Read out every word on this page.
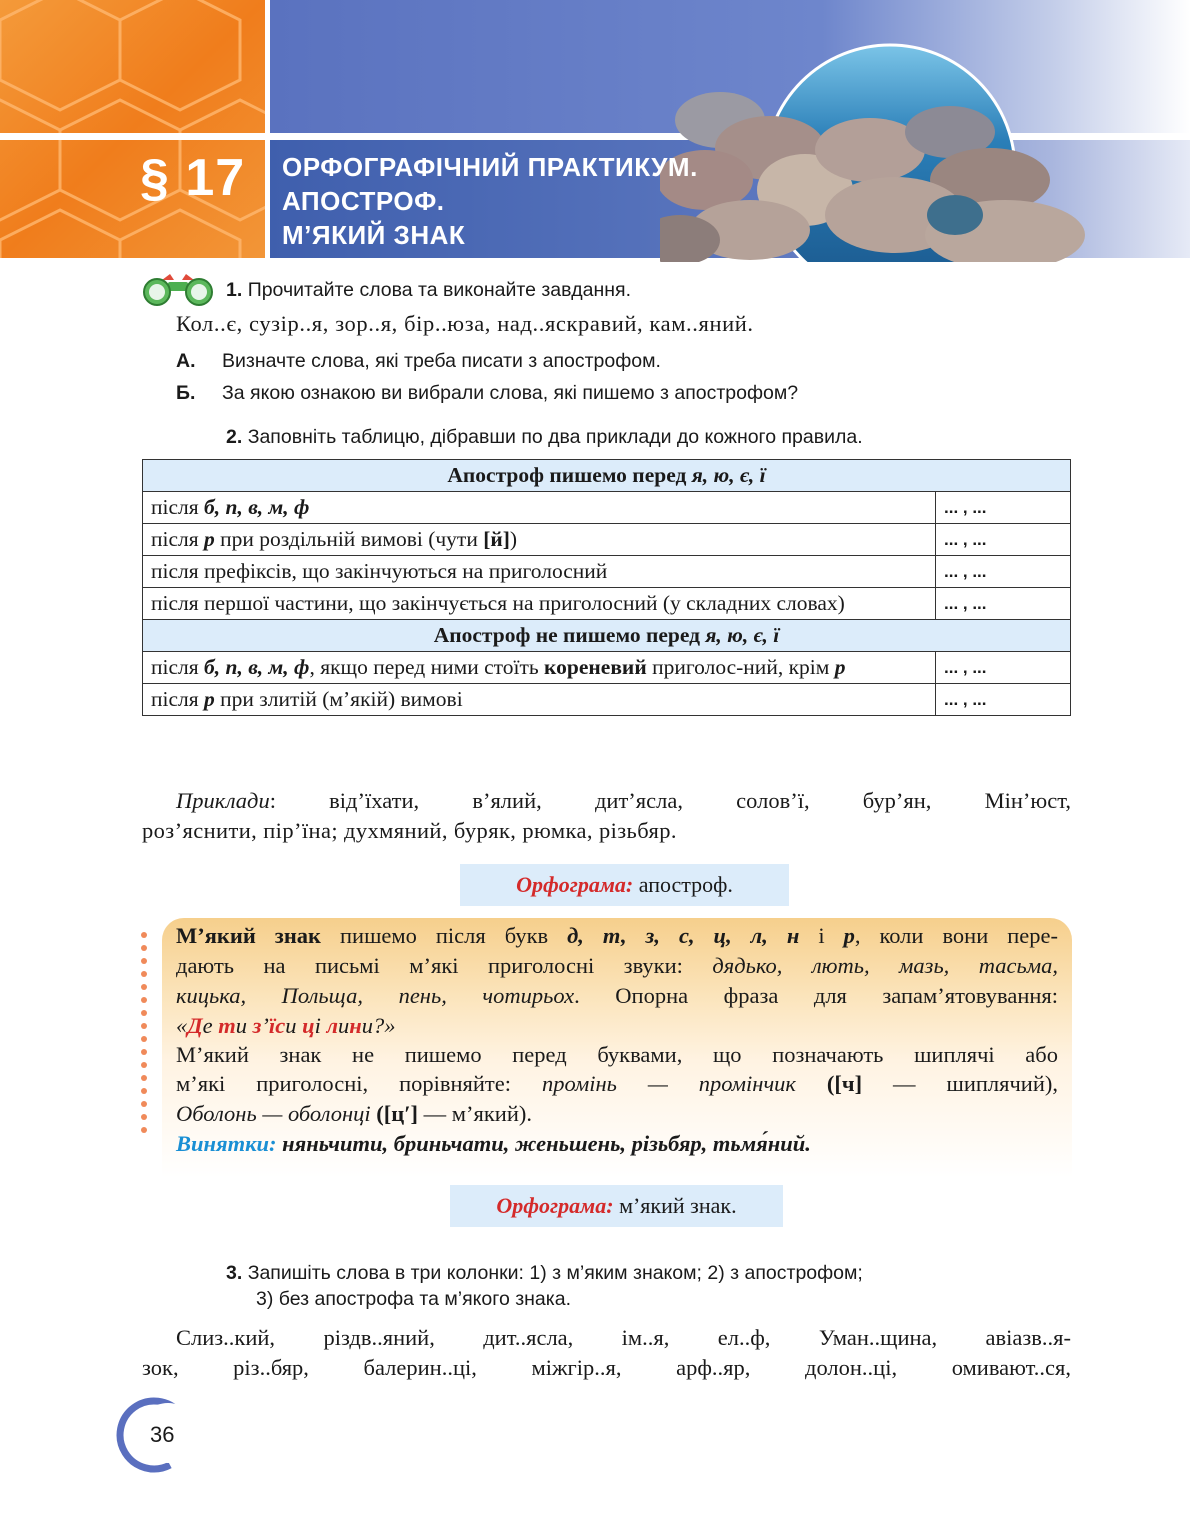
§ 17 ОРФОГРАФІЧНИЙ ПРАКТИКУМ.
АПОСТРОФ.
М’ЯКИЙ ЗНАК
1. Прочитайте слова та виконайте завдання.
Кол..є, сузір..я, зор..я, бір..юза, над..яскравий, кам..яний.
А. Визначте слова, які треба писати з апострофом.
Б. За якою ознакою ви вибрали слова, які пишемо з апострофом?
2. Заповніть таблицю, дібравши по два приклади до кожного правила.
Апостроф пишемо перед я, ю, є, ї	
після б, п, в, м, ф	... , ...
після р при роздільній вимові (чути [й])	... , ...
після префіксів, що закінчуються на приголосний	... , ...
після першої частини, що закінчується на приголосний (у складних словах)	... , ...
Апостроф не пишемо перед я, ю, є, ї	
після б, п, в, м, ф, якщо перед ними стоїть кореневий приголос-ний, крім р	... , ...
після р при злитій (м’якій) вимові	... , ...
Приклади: від’їхати, в’ялий, дит’ясла, солов’ї, бур’ян, Мін’юст,
роз’яснити, пір’їна; духмяний, буряк, рюмка, різьбяр.
Орфограма: апостроф.
М’який знак пишемо після букв д, т, з, с, ц, л, н і р, коли вони пере-
дають на письмі м’які приголосні звуки: дядько, лють, мазь, тасьма,
кицька, Польща, пень, чотирьох. Опорна фраза для запам’ятовування:
«Де ти з’їси ці лини?»
М’який знак не пишемо перед буквами, що позначають шиплячі або
м’які приголосні, порівняйте: промінь — промінчик ([ч] — шиплячий),
Оболонь — оболонці ([ц′] — м’який).
Винятки: няньчити, бриньчати, женьшень, різьбяр, тьмя́ний.
Орфограма: м’який знак.
3. Запишіть слова в три колонки: 1) з м’яким знаком; 2) з апострофом;
3) без апострофа та м’якого знака.
Слиз..кий, різдв..яний, дит..ясла, ім..я, ел..ф, Уман..щина, авіазв..я-
зок, різ..бяр, балерин..ці, міжгір..я, арф..яр, долон..ці, омивают..ся,
36
